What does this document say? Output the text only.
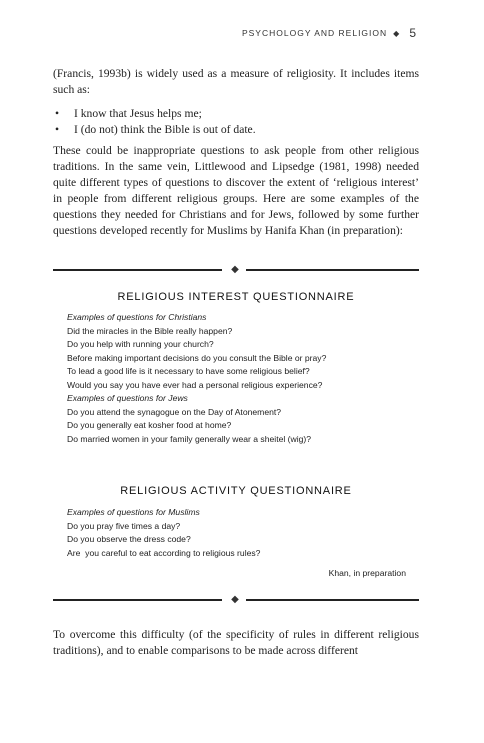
PSYCHOLOGY AND RELIGION ◆ 5

(Francis, 1993b) is widely used as a measure of religiosity. It includes items such as:

• I know that Jesus helps me;
• I (do not) think the Bible is out of date.

These could be inappropriate questions to ask people from other religious traditions. In the same vein, Littlewood and Lipsedge (1981, 1998) needed quite different types of questions to discover the extent of ‘religious interest’ in people from different religious groups. Here are some examples of the questions they needed for Christians and for Jews, followed by some further questions developed recently for Muslims by Hanifa Khan (in preparation):

◆
RELIGIOUS INTEREST QUESTIONNAIRE
Examples of questions for Christians
Did the miracles in the Bible really happen?
Do you help with running your church?
Before making important decisions do you consult the Bible or pray?
To lead a good life is it necessary to have some religious belief?
Would you say you have ever had a personal religious experience?
Examples of questions for Jews
Do you attend the synagogue on the Day of Atonement?
Do you generally eat kosher food at home?
Do married women in your family generally wear a sheitel (wig)?
RELIGIOUS ACTIVITY QUESTIONNAIRE
Examples of questions for Muslims
Do you pray five times a day?
Do you observe the dress code?
Are  you careful to eat according to religious rules?
Khan, in preparation
◆

To overcome this difficulty (of the specificity of rules in different religious traditions), and to enable comparisons to be made across different
